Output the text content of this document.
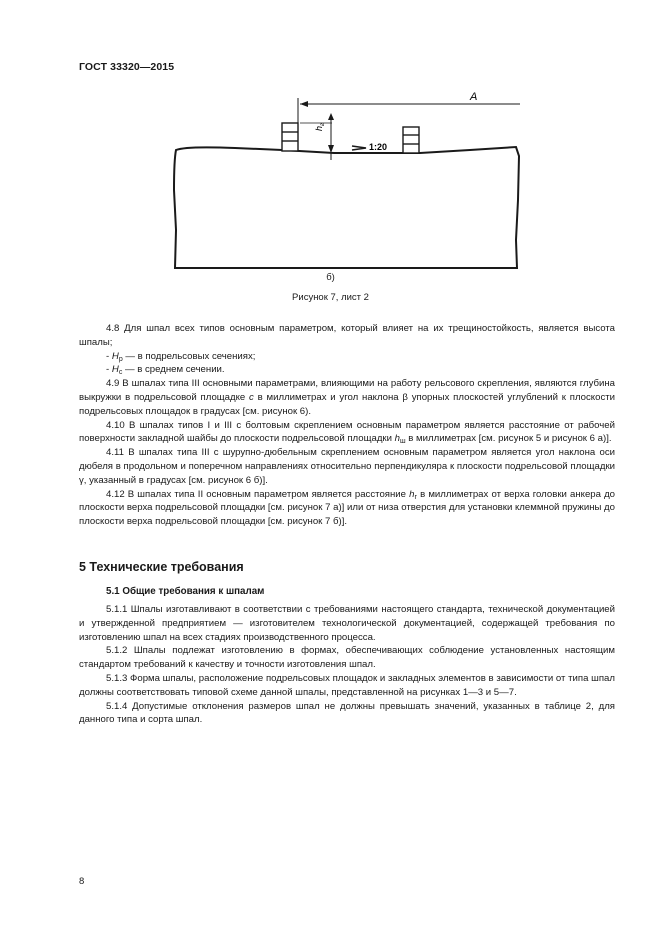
ГОСТ 33320—2015
А
$h_г$
1:20
б)
Рисунок 7, лист 2

4.8 Для шпал всех типов основным параметром, который влияет на их трещиностойкость, является высота шпалы;

- $H_р$ — в подрельсовых сечениях;

- $H_с$ — в среднем сечении.

4.9 В шпалах типа III основными параметрами, влияющими на работу рельсового скрепления, являются глубина выкружки в подрельсовой площадке c в миллиметрах и угол наклона β упорных плоскостей углублений к плоскости подрельсовых площадок в градусах [см. рисунок 6).

4.10 В шпалах типов I и III с болтовым скреплением основным параметром является расстояние от рабочей поверхности закладной шайбы до плоскости подрельсовой площадки $h_ш$ в миллиметрах [см. рисунок 5 и рисунок 6 а)].

4.11 В шпалах типа III с шурупно-дюбельным скреплением основным параметром является угол наклона оси дюбеля в продольном и поперечном направлениях относительно перпендикуляра к плоскости подрельсовой площадки γ, указанный в градусах [см. рисунок 6 б)].

4.12 В шпалах типа II основным параметром является расстояние $h_г$ в миллиметрах от верха головки анкера до плоскости верха подрельсовой площадки [см. рисунок 7 а)] или от низа отверстия для установки клеммной пружины до плоскости верха подрельсовой площадки [см. рисунок 7 б)].

5 Технические требования
5.1 Общие требования к шпалам

5.1.1 Шпалы изготавливают в соответствии с требованиями настоящего стандарта, технической документацией и утвержденной предприятием — изготовителем технологической документацией, содержащей требования по изготовлению шпал на всех стадиях производственного процесса.

5.1.2 Шпалы подлежат изготовлению в формах, обеспечивающих соблюдение установленных настоящим стандартом требований к качеству и точности изготовления шпал.

5.1.3 Форма шпалы, расположение подрельсовых площадок и закладных элементов в зависимости от типа шпал должны соответствовать типовой схеме данной шпалы, представленной на рисунках 1—3 и 5—7.

5.1.4 Допустимые отклонения размеров шпал не должны превышать значений, указанных в таблице 2, для данного типа и сорта шпал.

8
